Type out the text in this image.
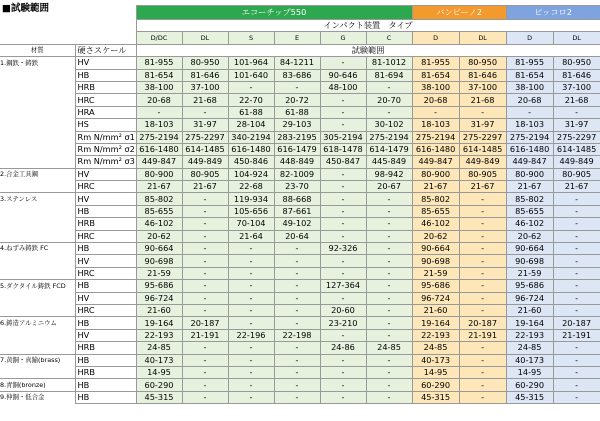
■試験範囲
			エコーチップ550						バンビーノ2		ピッコロ2	
		インパクト装置　タイプ									
		D/DC	DL	S	E	G	C	D	DL	D	DL
材質	硬さスケール	試験範囲									
1.鋼鉄・鋳鉄	HV	81-955	80-950	101-964	84-1211	-	81-1012	81-955	80-950	81-955	80-950
	HB	81-654	81-646	101-640	83-686	90-646	81-694	81-654	81-646	81-654	81-646
	HRB	38-100	37-100	-	-	48-100	-	38-100	37-100	38-100	37-100
	HRC	20-68	21-68	22-70	20-72	-	20-70	20-68	21-68	20-68	21-68
	HRA	-	-	61-88	61-88	-	-	-	-	-	-
	HS	18-103	31-97	28-104	29-103	-	30-102	18-103	31-97	18-103	31-97
	Rm N/mm² σ1	275-2194	275-2297	340-2194	283-2195	305-2194	275-2194	275-2194	275-2297	275-2194	275-2297
	Rm N/mm² σ2	616-1480	614-1485	616-1480	616-1479	618-1478	614-1479	616-1480	614-1485	616-1480	614-1485
	Rm N/mm² σ3	449-847	449-849	450-846	448-849	450-847	445-849	449-847	449-849	449-847	449-849
2.合金工具鋼	HV	80-900	80-905	104-924	82-1009	-	98-942	80-900	80-905	80-900	80-905
	HRC	21-67	21-67	22-68	23-70	-	20-67	21-67	21-67	21-67	21-67
3.ステンレス	HV	85-802	-	119-934	88-668	-	-	85-802	-	85-802	-
	HB	85-655	-	105-656	87-661	-	-	85-655	-	85-655	-
	HRB	46-102	-	70-104	49-102	-	-	46-102	-	46-102	-
	HRC	20-62	-	21-64	20-64	-	-	20-62	-	20-62	-
4.ねずみ鋳鉄 FC	HB	90-664	-	-	-	92-326	-	90-664	-	90-664	-
	HV	90-698	-	-	-	-	-	90-698	-	90-698	-
	HRC	21-59	-	-	-	-	-	21-59	-	21-59	-
5.ダクタイル鋳鉄 FCD	HB	95-686	-	-	-	127-364	-	95-686	-	95-686	-
	HV	96-724	-	-	-	-	-	96-724	-	96-724	-
	HRC	21-60	-	-	-	20-60	-	21-60	-	21-60	-
6.鋳造アルミニウム	HB	19-164	20-187	-	-	23-210	-	19-164	20-187	19-164	20-187
	HV	22-193	21-191	22-196	22-198	-	-	22-193	21-191	22-193	21-191
	HRB	24-85	-	-	-	24-86	24-85	24-85	-	24-85	-
7.黄銅・真鍮(brass)	HB	40-173	-	-	-	-	-	40-173	-	40-173	-
	HRB	14-95	-	-	-	-	-	14-95	-	14-95	-
8.青銅(bronze)	HB	60-290	-	-	-	-	-	60-290	-	60-290	-
9.伸銅・低合金	HB	45-315	-	-	-	-	-	45-315	-	45-315	-
